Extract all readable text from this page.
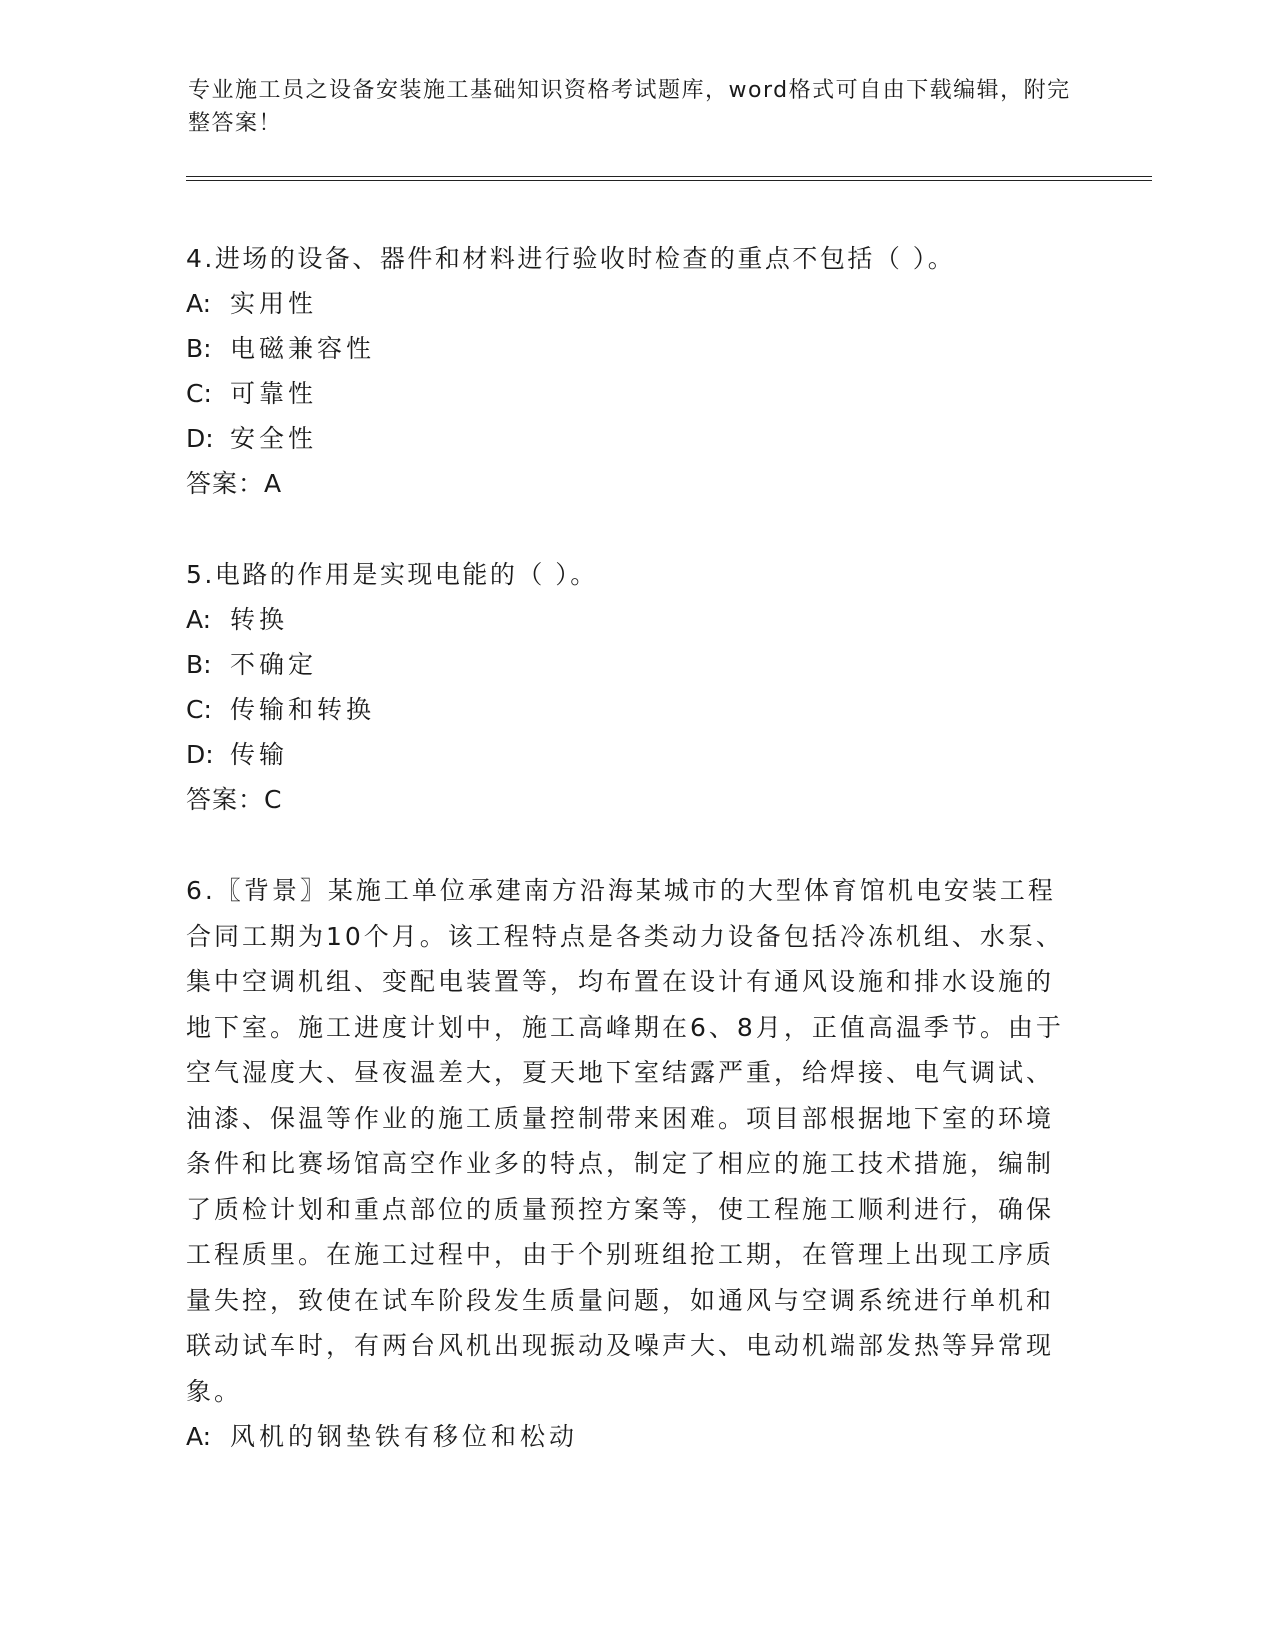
专业施工员之设备安装施工基础知识资格考试题库，word格式可自由下载编辑，附完整答案！

4.进场的设备、器件和材料进行验收时检查的重点不包括（ ）。

A: 实用性

B: 电磁兼容性

C: 可靠性

D: 安全性

答案：A

5.电路的作用是实现电能的（ ）。

A: 转换

B: 不确定

C: 传输和转换

D: 传输

答案：C

6.〖背景〗某施工单位承建南方沿海某城市的大型体育馆机电安装工程合同工期为10个月。该工程特点是各类动力设备包括冷冻机组、水泵、集中空调机组、变配电装置等，均布置在设计有通风设施和排水设施的地下室。施工进度计划中，施工高峰期在6、8月，正值高温季节。由于空气湿度大、昼夜温差大，夏天地下室结露严重，给焊接、电气调试、油漆、保温等作业的施工质量控制带来困难。项目部根据地下室的环境条件和比赛场馆高空作业多的特点，制定了相应的施工技术措施，编制了质检计划和重点部位的质量预控方案等，使工程施工顺利进行，确保工程质里。在施工过程中，由于个别班组抢工期，在管理上出现工序质量失控，致使在试车阶段发生质量问题，如通风与空调系统进行单机和联动试车时，有两台风机出现振动及噪声大、电动机端部发热等异常现象。

A: 风机的钢垫铁有移位和松动
